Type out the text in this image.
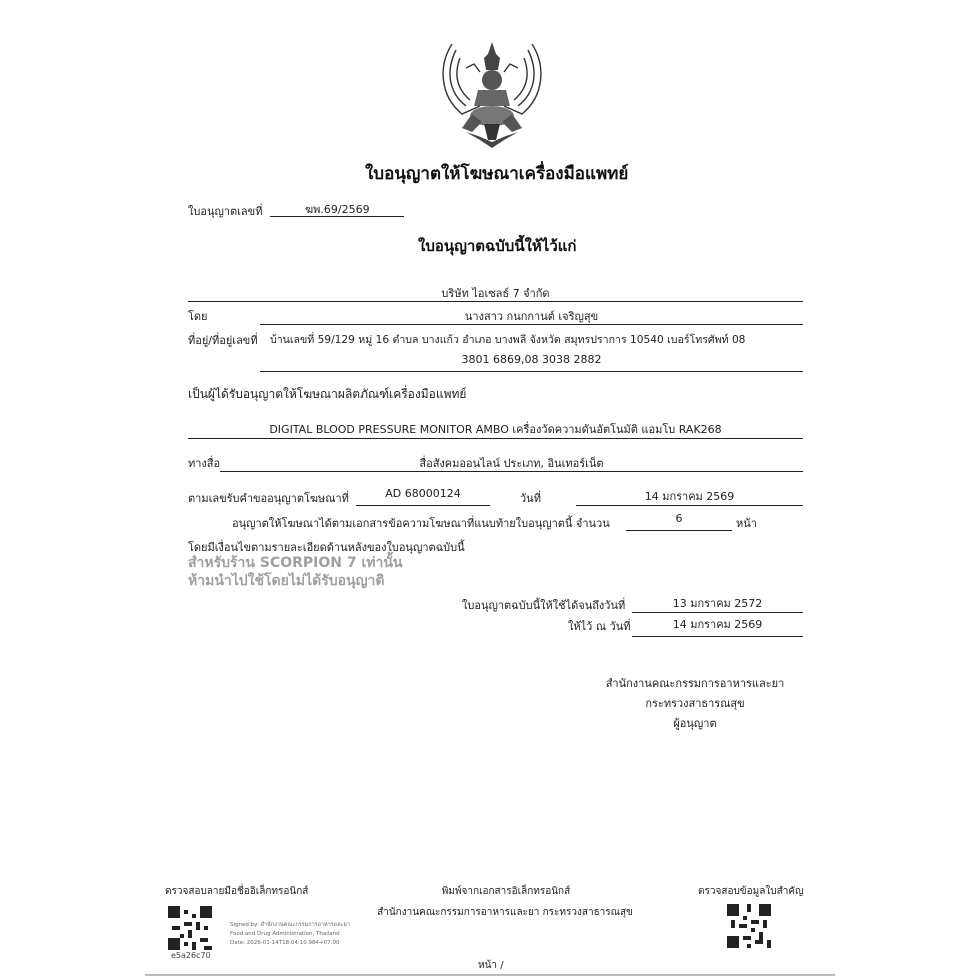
ใบอนุญาตให้โฆษณาเครื่องมือแพทย์
ใบอนุญาตเลขที่	ฆพ.69/2569
ใบอนุญาตฉบับนี้ให้ไว้แก่
บริษัท ไอเซลธ์ 7 จำกัด
โดย	นางสาว กนกกานต์ เจริญสุข
ที่อยู่/ที่อยู่เลขที่ บ้านเลขที่ 59/129 หมู่ 16 ตำบล บางแก้ว อำเภอ บางพลี จังหวัด สมุทรปราการ 10540 เบอร์โทรศัพท์ 08
3801 6869,08 3038 2882
เป็นผู้ได้รับอนุญาตให้โฆษณาผลิตภัณฑ์เครื่องมือแพทย์
DIGITAL BLOOD PRESSURE MONITOR AMBO เครื่องวัดความดันอัตโนมัติ แอมโบ RAK268
ทางสื่อ	สื่อสังคมออนไลน์ ประเภท, อินเทอร์เน็ต
ตามเลขรับคำขออนุญาตโฆษณาที่	AD 68000124	วันที่	14 มกราคม 2569
อนุญาตให้โฆษณาได้ตามเอกสารข้อความโฆษณาที่แนบท้ายใบอนุญาตนี้ จำนวน	6	หน้า
โดยมีเงื่อนไขตามรายละเอียดด้านหลังของใบอนุญาตฉบับนี้
สำหรับร้าน SCORPION 7 เท่านั้น
ห้ามนำไปใช้โดยไม่ได้รับอนุญาติ
ใบอนุญาตฉบับนี้ให้ใช้ได้จนถึงวันที่	13 มกราคม 2572
ให้ไว้ ณ วันที่	14 มกราคม 2569
สำนักงานคณะกรรมการอาหารและยา
กระทรวงสาธารณสุข
ผู้อนุญาต
ตรวจสอบลายมือชื่ออิเล็กทรอนิกส์
e5a26c70
Signed by: สำนักงานคณะกรรมการอาหารและยา
Food and Drug Administration, Thailand
Date: 2026-01-14T18:04:10.984+07:00
พิมพ์จากเอกสารอิเล็กทรอนิกส์
สำนักงานคณะกรรมการอาหารและยา กระทรวงสาธารณสุข
ตรวจสอบข้อมูลใบสำคัญ
หน้า /
